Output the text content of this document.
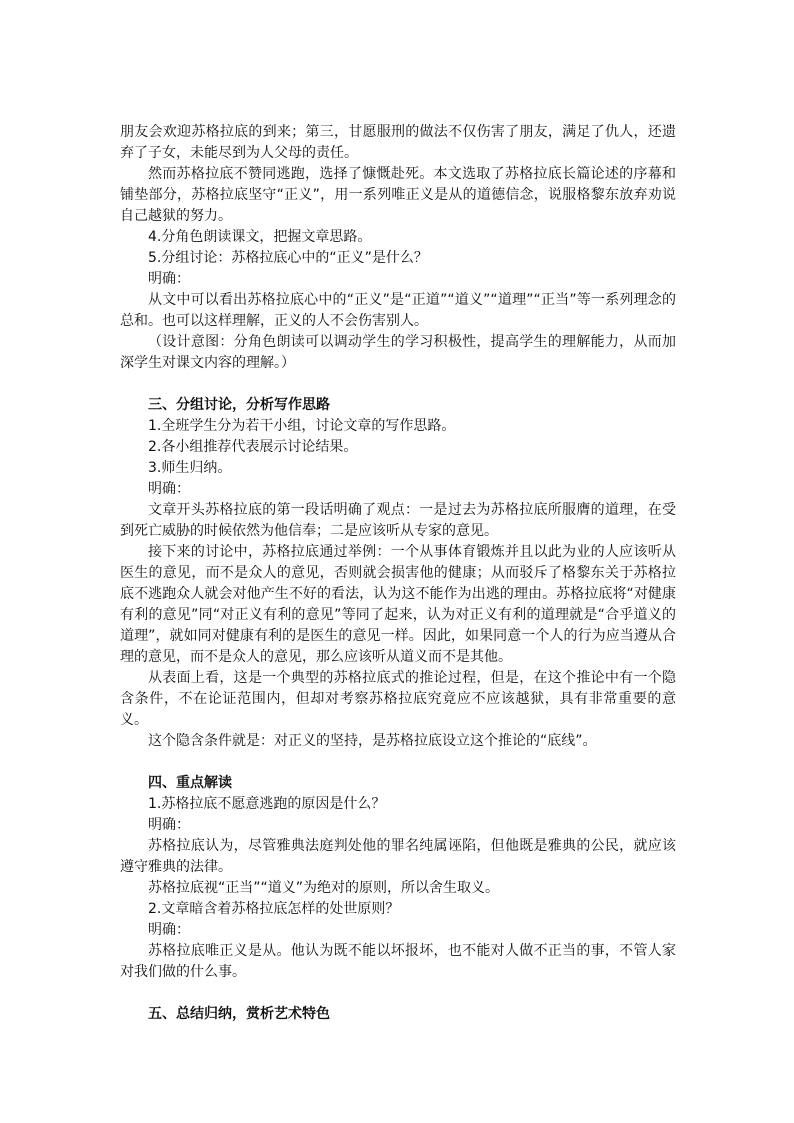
朋友会欢迎苏格拉底的到来；第三，甘愿服刑的做法不仅伤害了朋友，满足了仇人，还遗弃了子女，未能尽到为人父母的责任。

然而苏格拉底不赞同逃跑，选择了慷慨赴死。本文选取了苏格拉底长篇论述的序幕和铺垫部分，苏格拉底坚守“正义”，用一系列唯正义是从的道德信念，说服格黎东放弃劝说自己越狱的努力。

4.分角色朗读课文，把握文章思路。

5.分组讨论：苏格拉底心中的“正义”是什么？

明确：

从文中可以看出苏格拉底心中的“正义”是“正道”“道义”“道理”“正当”等一系列理念的总和。也可以这样理解，正义的人不会伤害别人。

（设计意图：分角色朗读可以调动学生的学习积极性，提高学生的理解能力，从而加深学生对课文内容的理解。）

三、分组讨论，分析写作思路

1.全班学生分为若干小组，讨论文章的写作思路。

2.各小组推荐代表展示讨论结果。

3.师生归纳。

明确：

文章开头苏格拉底的第一段话明确了观点：一是过去为苏格拉底所服膺的道理，在受到死亡威胁的时候依然为他信奉；二是应该听从专家的意见。

接下来的讨论中，苏格拉底通过举例：一个从事体育锻炼并且以此为业的人应该听从医生的意见，而不是众人的意见，否则就会损害他的健康；从而驳斥了格黎东关于苏格拉底不逃跑众人就会对他产生不好的看法，认为这不能作为出逃的理由。苏格拉底将“对健康有利的意见”同“对正义有利的意见”等同了起来，认为对正义有利的道理就是“合乎道义的道理”，就如同对健康有利的是医生的意见一样。因此，如果同意一个人的行为应当遵从合理的意见，而不是众人的意见，那么应该听从道义而不是其他。

从表面上看，这是一个典型的苏格拉底式的推论过程，但是，在这个推论中有一个隐含条件，不在论证范围内，但却对考察苏格拉底究竟应不应该越狱，具有非常重要的意义。

这个隐含条件就是：对正义的坚持，是苏格拉底设立这个推论的“底线”。

四、重点解读

1.苏格拉底不愿意逃跑的原因是什么？

明确：

苏格拉底认为，尽管雅典法庭判处他的罪名纯属诬陷，但他既是雅典的公民，就应该遵守雅典的法律。

苏格拉底视“正当”“道义”为绝对的原则，所以舍生取义。

2.文章暗含着苏格拉底怎样的处世原则？

明确：

苏格拉底唯正义是从。他认为既不能以坏报坏，也不能对人做不正当的事，不管人家对我们做的什么事。

五、总结归纳，赏析艺术特色
